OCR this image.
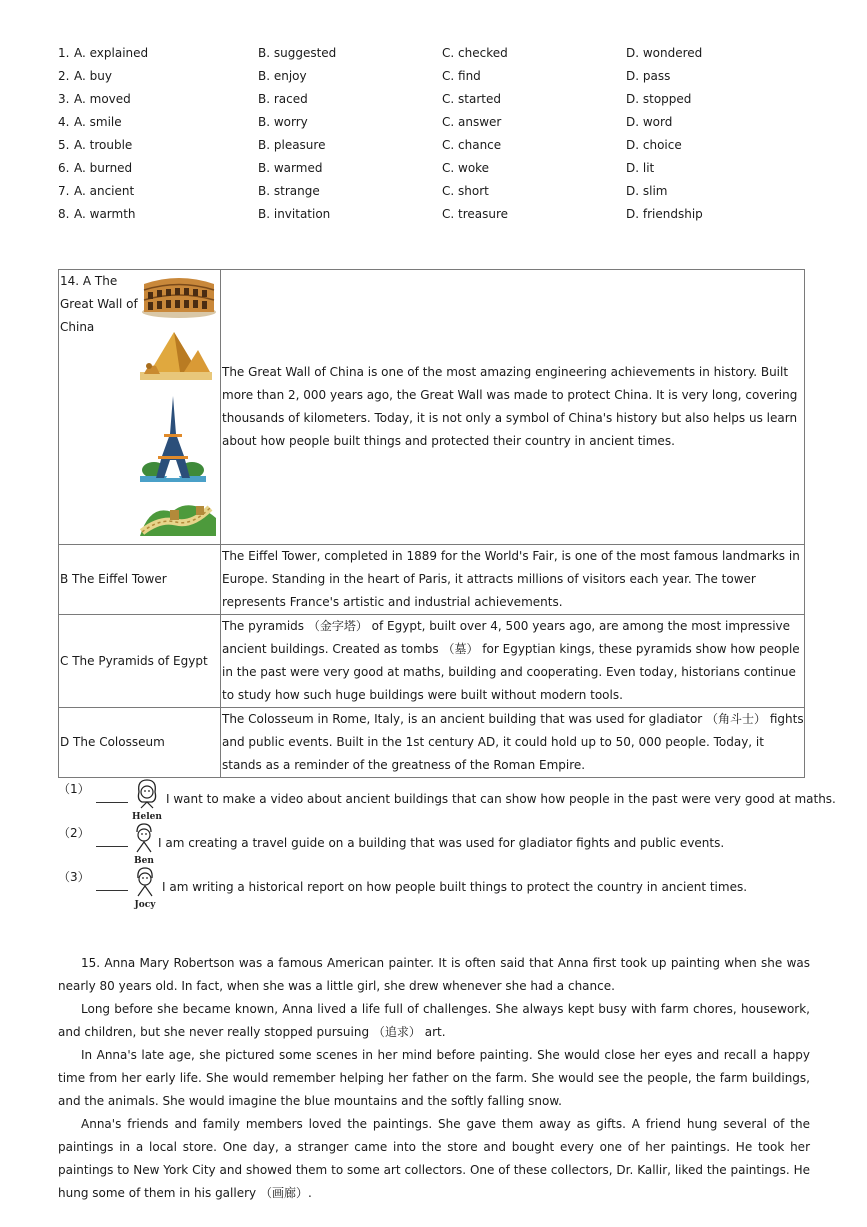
1. A. explained	B. suggested	C. checked	D. wondered
2. A. buy	B. enjoy	C. find	D. pass
3. A. moved	B. raced	C. started	D. stopped
4. A. smile	B. worry	C. answer	D. word
5. A. trouble	B. pleasure	C. chance	D. choice
6. A. burned	B. warmed	C. woke	D. lit
7. A. ancient	B. strange	C. short	D. slim
8. A. warmth	B. invitation	C. treasure	D. friendship
14. A The Great Wall of China	The Great Wall of China is one of the most amazing engineering achievements in history. Built more than 2, 000 years ago, the Great Wall was made to protect China. It is very long, covering thousands of kilometers. Today, it is not only a symbol of China's history but also helps us learn about how people built things and protected their country in ancient times.
B The Eiffel Tower	The Eiffel Tower, completed in 1889 for the World's Fair, is one of the most famous landmarks in Europe. Standing in the heart of Paris, it attracts millions of visitors each year. The tower represents France's artistic and industrial achievements.
C The Pyramids of Egypt	The pyramids （金字塔） of Egypt, built over 4, 500 years ago, are among the most impressive ancient buildings. Created as tombs （墓） for Egyptian kings, these pyramids show how people in the past were very good at maths, building and cooperating. Even today, historians continue to study how such huge buildings were built without modern tools.
D The Colosseum	The Colosseum in Rome, Italy, is an ancient building that was used for gladiator （角斗士） fights and public events. Built in the 1st century AD, it could hold up to 50, 000 people. Today, it stands as a reminder of the greatness of the Roman Empire.
（1）
Helen
I want to make a video about ancient buildings that can show how people in the past were very good at maths.
（2）
Ben
I am creating a travel guide on a building that was used for gladiator fights and public events.
（3）
Jocy
I am writing a historical report on how people built things to protect the country in ancient times.

15. Anna Mary Robertson was a famous American painter. It is often said that Anna first took up painting when she was nearly 80 years old. In fact, when she was a little girl, she drew whenever she had a chance.

Long before she became known, Anna lived a life full of challenges. She always kept busy with farm chores, housework, and children, but she never really stopped pursuing （追求） art.

In Anna's late age, she pictured some scenes in her mind before painting. She would close her eyes and recall a happy time from her early life. She would remember helping her father on the farm. She would see the people, the farm buildings, and the animals. She would imagine the blue mountains and the softly falling snow.

Anna's friends and family members loved the paintings. She gave them away as gifts. A friend hung several of the paintings in a local store. One day, a stranger came into the store and bought every one of her paintings. He took her paintings to New York City and showed them to some art collectors. One of these collectors, Dr. Kallir, liked the paintings. He hung some of them in his gallery （画廊）.
